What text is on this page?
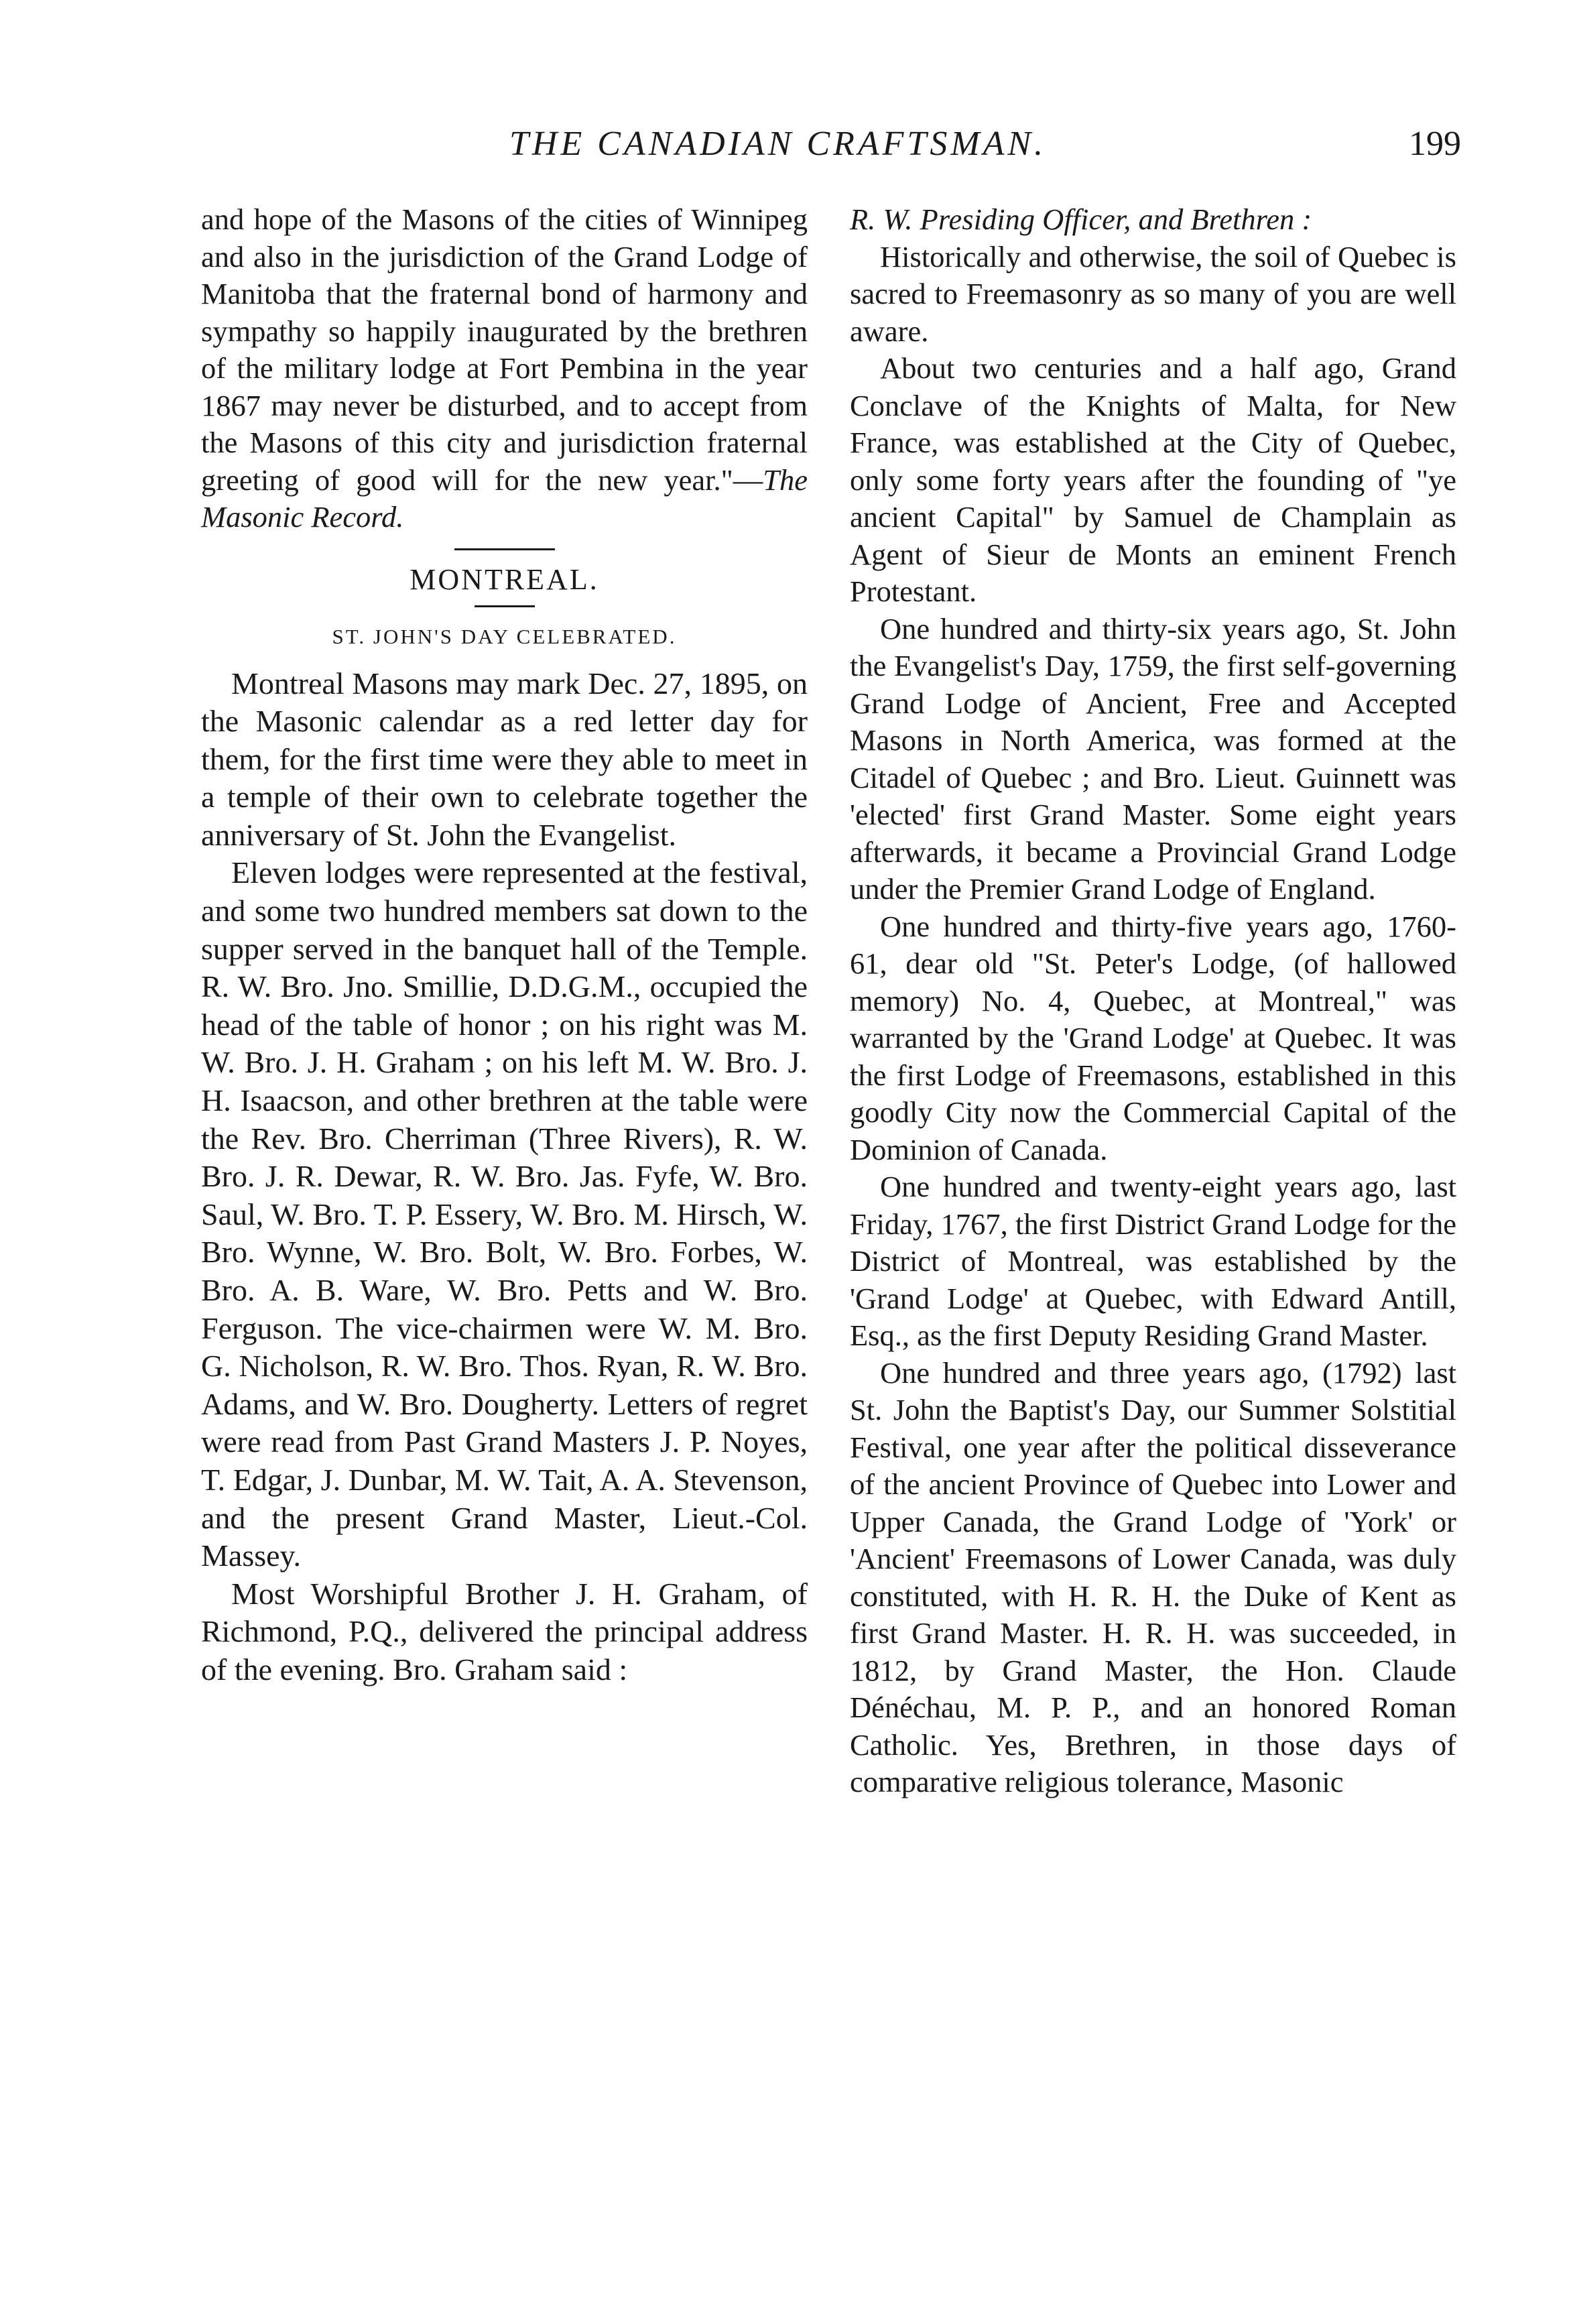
THE CANADIAN CRAFTSMAN.	199

and hope of the Masons of the cities of Winnipeg and also in the jurisdiction of the Grand Lodge of Manitoba that the fraternal bond of harmony and sympathy so happily inaugurated by the brethren of the military lodge at Fort Pembina in the year 1867 may never be disturbed, and to accept from the Masons of this city and jurisdiction fraternal greeting of good will for the new year."—The Masonic Record.

MONTREAL.
ST. JOHN'S DAY CELEBRATED.

Montreal Masons may mark Dec. 27, 1895, on the Masonic calendar as a red letter day for them, for the first time were they able to meet in a temple of their own to celebrate together the anniversary of St. John the Evangelist.

Eleven lodges were represented at the festival, and some two hundred members sat down to the supper served in the banquet hall of the Temple. R. W. Bro. Jno. Smillie, D.D.G.M., occupied the head of the table of honor ; on his right was M. W. Bro. J. H. Graham ; on his left M. W. Bro. J. H. Isaacson, and other brethren at the table were the Rev. Bro. Cherriman (Three Rivers), R. W. Bro. J. R. Dewar, R. W. Bro. Jas. Fyfe, W. Bro. Saul, W. Bro. T. P. Essery, W. Bro. M. Hirsch, W. Bro. Wynne, W. Bro. Bolt, W. Bro. Forbes, W. Bro. A. B. Ware, W. Bro. Petts and W. Bro. Ferguson. The vice-chairmen were W. M. Bro. G. Nicholson, R. W. Bro. Thos. Ryan, R. W. Bro. Adams, and W. Bro. Dougherty. Letters of regret were read from Past Grand Masters J. P. Noyes, T. Edgar, J. Dunbar, M. W. Tait, A. A. Stevenson, and the present Grand Master, Lieut.-Col. Massey.

Most Worshipful Brother J. H. Graham, of Richmond, P.Q., delivered the principal address of the evening. Bro. Graham said :

R. W. Presiding Officer, and Brethren :

Historically and otherwise, the soil of Quebec is sacred to Freemasonry as so many of you are well aware.

About two centuries and a half ago, Grand Conclave of the Knights of Malta, for New France, was established at the City of Quebec, only some forty years after the founding of "ye ancient Capital" by Samuel de Champlain as Agent of Sieur de Monts an eminent French Protestant.

One hundred and thirty-six years ago, St. John the Evangelist's Day, 1759, the first self-governing Grand Lodge of Ancient, Free and Accepted Masons in North America, was formed at the Citadel of Quebec ; and Bro. Lieut. Guinnett was 'elected' first Grand Master. Some eight years afterwards, it became a Provincial Grand Lodge under the Premier Grand Lodge of England.

One hundred and thirty-five years ago, 1760-61, dear old "St. Peter's Lodge, (of hallowed memory) No. 4, Quebec, at Montreal," was warranted by the 'Grand Lodge' at Quebec. It was the first Lodge of Freemasons, established in this goodly City now the Commercial Capital of the Dominion of Canada.

One hundred and twenty-eight years ago, last Friday, 1767, the first District Grand Lodge for the District of Montreal, was established by the 'Grand Lodge' at Quebec, with Edward Antill, Esq., as the first Deputy Residing Grand Master.

One hundred and three years ago, (1792) last St. John the Baptist's Day, our Summer Solstitial Festival, one year after the political disseverance of the ancient Province of Quebec into Lower and Upper Canada, the Grand Lodge of 'York' or 'Ancient' Freemasons of Lower Canada, was duly constituted, with H. R. H. the Duke of Kent as first Grand Master. H. R. H. was succeeded, in 1812, by Grand Master, the Hon. Claude Dénéchau, M. P. P., and an honored Roman Catholic. Yes, Brethren, in those days of comparative religious tolerance, Masonic
